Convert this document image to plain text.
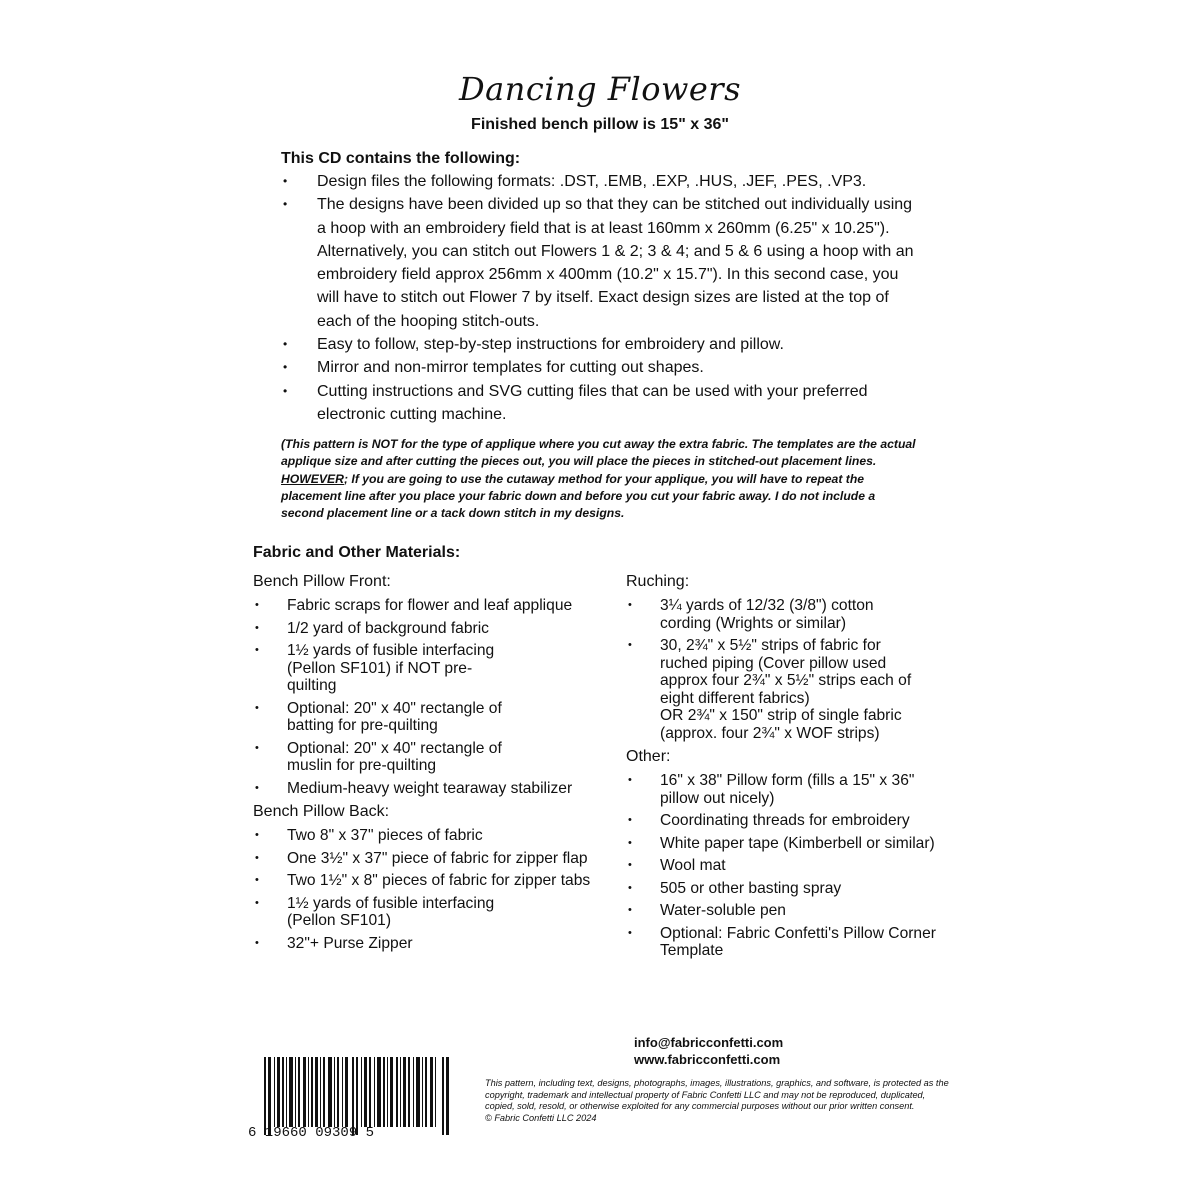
Dancing Flowers
Finished bench pillow is 15" x 36"
This CD contains the following:
• Design files the following formats: .DST, .EMB, .EXP, .HUS, .JEF, .PES, .VP3.
• The designs have been divided up so that they can be stitched out individually using a hoop with an embroidery field that is at least 160mm x 260mm (6.25" x 10.25"). Alternatively, you can stitch out Flowers 1 & 2; 3 & 4; and 5 & 6 using a hoop with an embroidery field approx 256mm x 400mm (10.2" x 15.7"). In this second case, you will have to stitch out Flower 7 by itself. Exact design sizes are listed at the top of each of the hooping stitch-outs.
• Easy to follow, step-by-step instructions for embroidery and pillow.
• Mirror and non-mirror templates for cutting out shapes.
• Cutting instructions and SVG cutting files that can be used with your preferred electronic cutting machine.
(This pattern is NOT for the type of applique where you cut away the extra fabric. The templates are the actual applique size and after cutting the pieces out, you will place the pieces in stitched-out placement lines. HOWEVER; If you are going to use the cutaway method for your applique, you will have to repeat the placement line after you place your fabric down and before you cut your fabric away. I do not include a second placement line or a tack down stitch in my designs.
Fabric and Other Materials:
Bench Pillow Front:
• Fabric scraps for flower and leaf applique
• 1/2 yard of background fabric
• 1½ yards of fusible interfacing (Pellon SF101) if NOT pre-quilting
• Optional: 20" x 40" rectangle of batting for pre-quilting
• Optional: 20" x 40" rectangle of muslin for pre-quilting
• Medium-heavy weight tearaway stabilizer
Bench Pillow Back:
• Two 8" x 37" pieces of fabric
• One 3½" x 37" piece of fabric for zipper flap
• Two 1½" x 8" pieces of fabric for zipper tabs
• 1½ yards of fusible interfacing (Pellon SF101)
• 32"+ Purse Zipper
Ruching:
• 3¼ yards of 12/32 (3/8") cotton cording (Wrights or similar)
• 30, 2¾" x 5½" strips of fabric for ruched piping (Cover pillow used approx four 2¾" x 5½" strips each of eight different fabrics)
OR 2¾" x 150" strip of single fabric (approx. four 2¾" x WOF strips)
Other:
• 16" x 38" Pillow form (fills a 15" x 36" pillow out nicely)
• Coordinating threads for embroidery
• White paper tape (Kimberbell or similar)
• Wool mat
• 505 or other basting spray
• Water-soluble pen
• Optional: Fabric Confetti's Pillow Corner Template
info@fabricconfetti.com
www.fabricconfetti.com
6 19660 09309 5
This pattern, including text, designs, photographs, images, illustrations, graphics, and software, is protected as the copyright, trademark and intellectual property of Fabric Confetti LLC and may not be reproduced, duplicated, copied, sold, resold, or otherwise exploited for any commercial purposes without our prior written consent.
© Fabric Confetti LLC 2024
